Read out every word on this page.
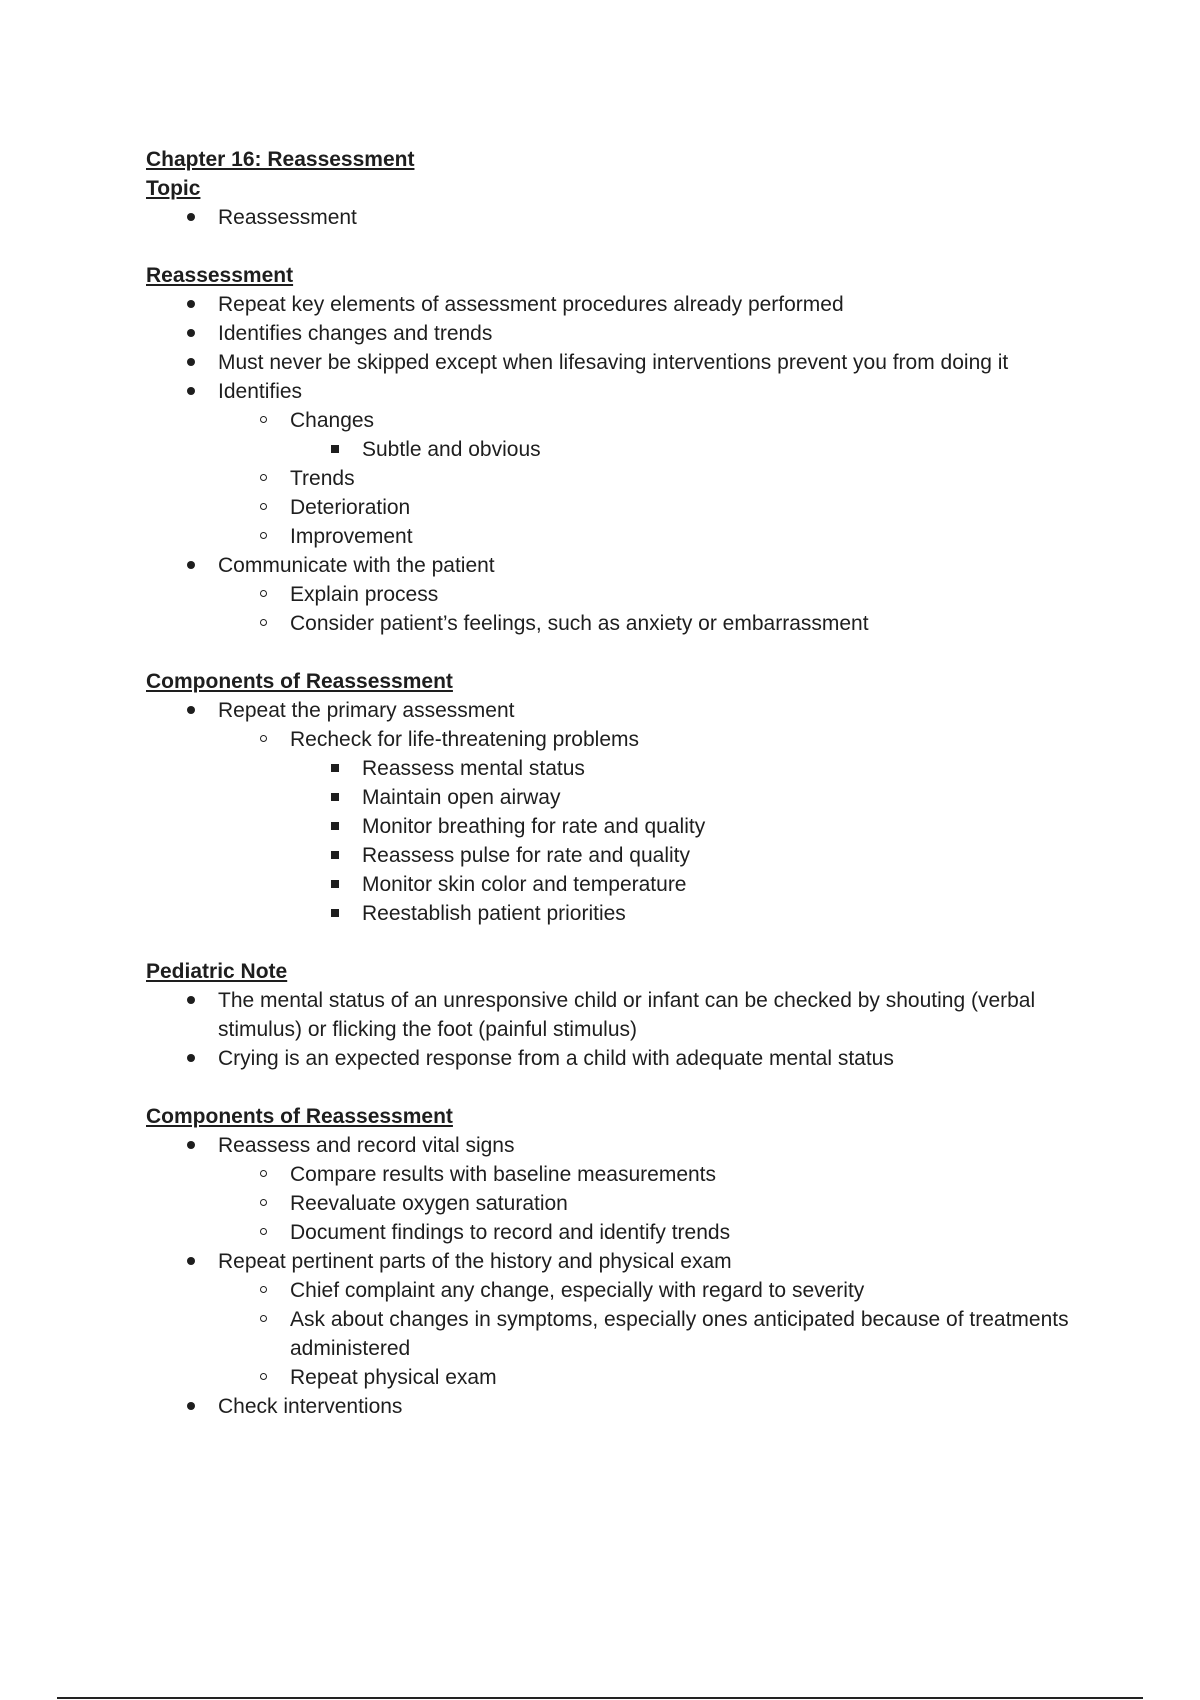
Chapter 16: Reassessment
Topic
Reassessment
Reassessment
Repeat key elements of assessment procedures already performed
Identifies changes and trends
Must never be skipped except when lifesaving interventions prevent you from doing it
Identifies
Changes
Subtle and obvious
Trends
Deterioration
Improvement
Communicate with the patient
Explain process
Consider patient’s feelings, such as anxiety or embarrassment
Components of Reassessment
Repeat the primary assessment
Recheck for life-threatening problems
Reassess mental status
Maintain open airway
Monitor breathing for rate and quality
Reassess pulse for rate and quality
Monitor skin color and temperature
Reestablish patient priorities
Pediatric Note
The mental status of an unresponsive child or infant can be checked by shouting (verbal stimulus) or flicking the foot (painful stimulus)
Crying is an expected response from a child with adequate mental status
Components of Reassessment
Reassess and record vital signs
Compare results with baseline measurements
Reevaluate oxygen saturation
Document findings to record and identify trends
Repeat pertinent parts of the history and physical exam
Chief complaint any change, especially with regard to severity
Ask about changes in symptoms, especially ones anticipated because of treatments administered
Repeat physical exam
Check interventions
